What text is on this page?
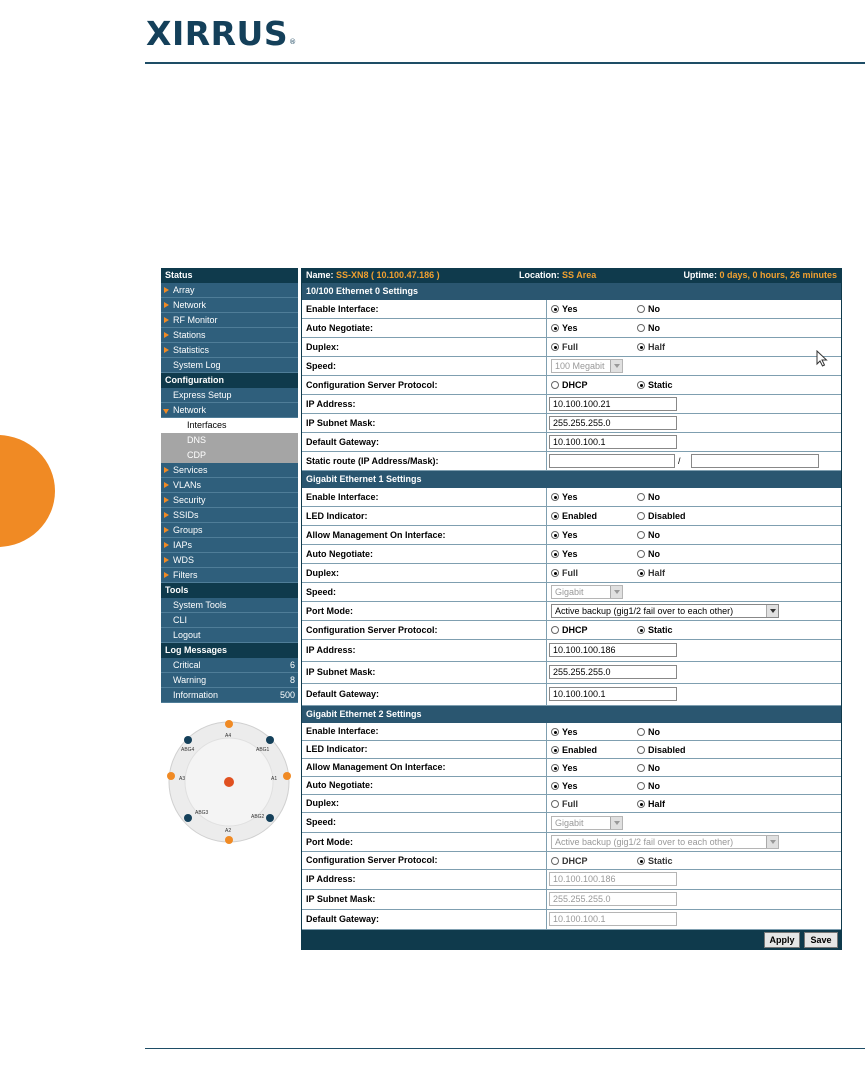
XIRRUS ®
Status
Array
Network
RF Monitor
Stations
Statistics
System Log
Configuration
Express Setup
Network
Interfaces
DNS
CDP
Services
VLANs
Security
SSIDs
Groups
IAPs
WDS
Filters
Tools
System Tools
CLI
Logout
Log Messages
Critical	6
Warning	8
Information	500
A4
ABG4	ABG1
A3	A1
ABG3
ABG2
A2
Name: SS-XN8 ( 10.100.47.186 )	Location: SS Area	Uptime: 0 days, 0 hours, 26 minutes
10/100 Ethernet 0 Settings
Enable Interface:	Yes	No
Auto Negotiate:	Yes	No
Duplex:	Full	Half
Speed:	100 Megabit
Configuration Server Protocol:	DHCP	Static
IP Address:	10.100.100.21
IP Subnet Mask:	255.255.255.0
Default Gateway:	10.100.100.1
Static route (IP Address/Mask):	/
Gigabit Ethernet 1 Settings
Enable Interface:	Yes	No
LED Indicator:	Enabled	Disabled
Allow Management On Interface:	Yes	No
Auto Negotiate:	Yes	No
Duplex:	Full	Half
Speed:	Gigabit
Port Mode:	Active backup (gig1/2 fail over to each other)
Configuration Server Protocol:	DHCP	Static
IP Address:	10.100.100.186
IP Subnet Mask:	255.255.255.0
Default Gateway:	10.100.100.1
Gigabit Ethernet 2 Settings
Enable Interface:	Yes	No
LED Indicator:	Enabled	Disabled
Allow Management On Interface:	Yes	No
Auto Negotiate:	Yes	No
Duplex:	Full	Half
Speed:	Gigabit
Port Mode:	Active backup (gig1/2 fail over to each other)
Configuration Server Protocol:	DHCP	Static
IP Address:	10.100.100.186
IP Subnet Mask:	255.255.255.0
Default Gateway:	10.100.100.1
Apply	Save
